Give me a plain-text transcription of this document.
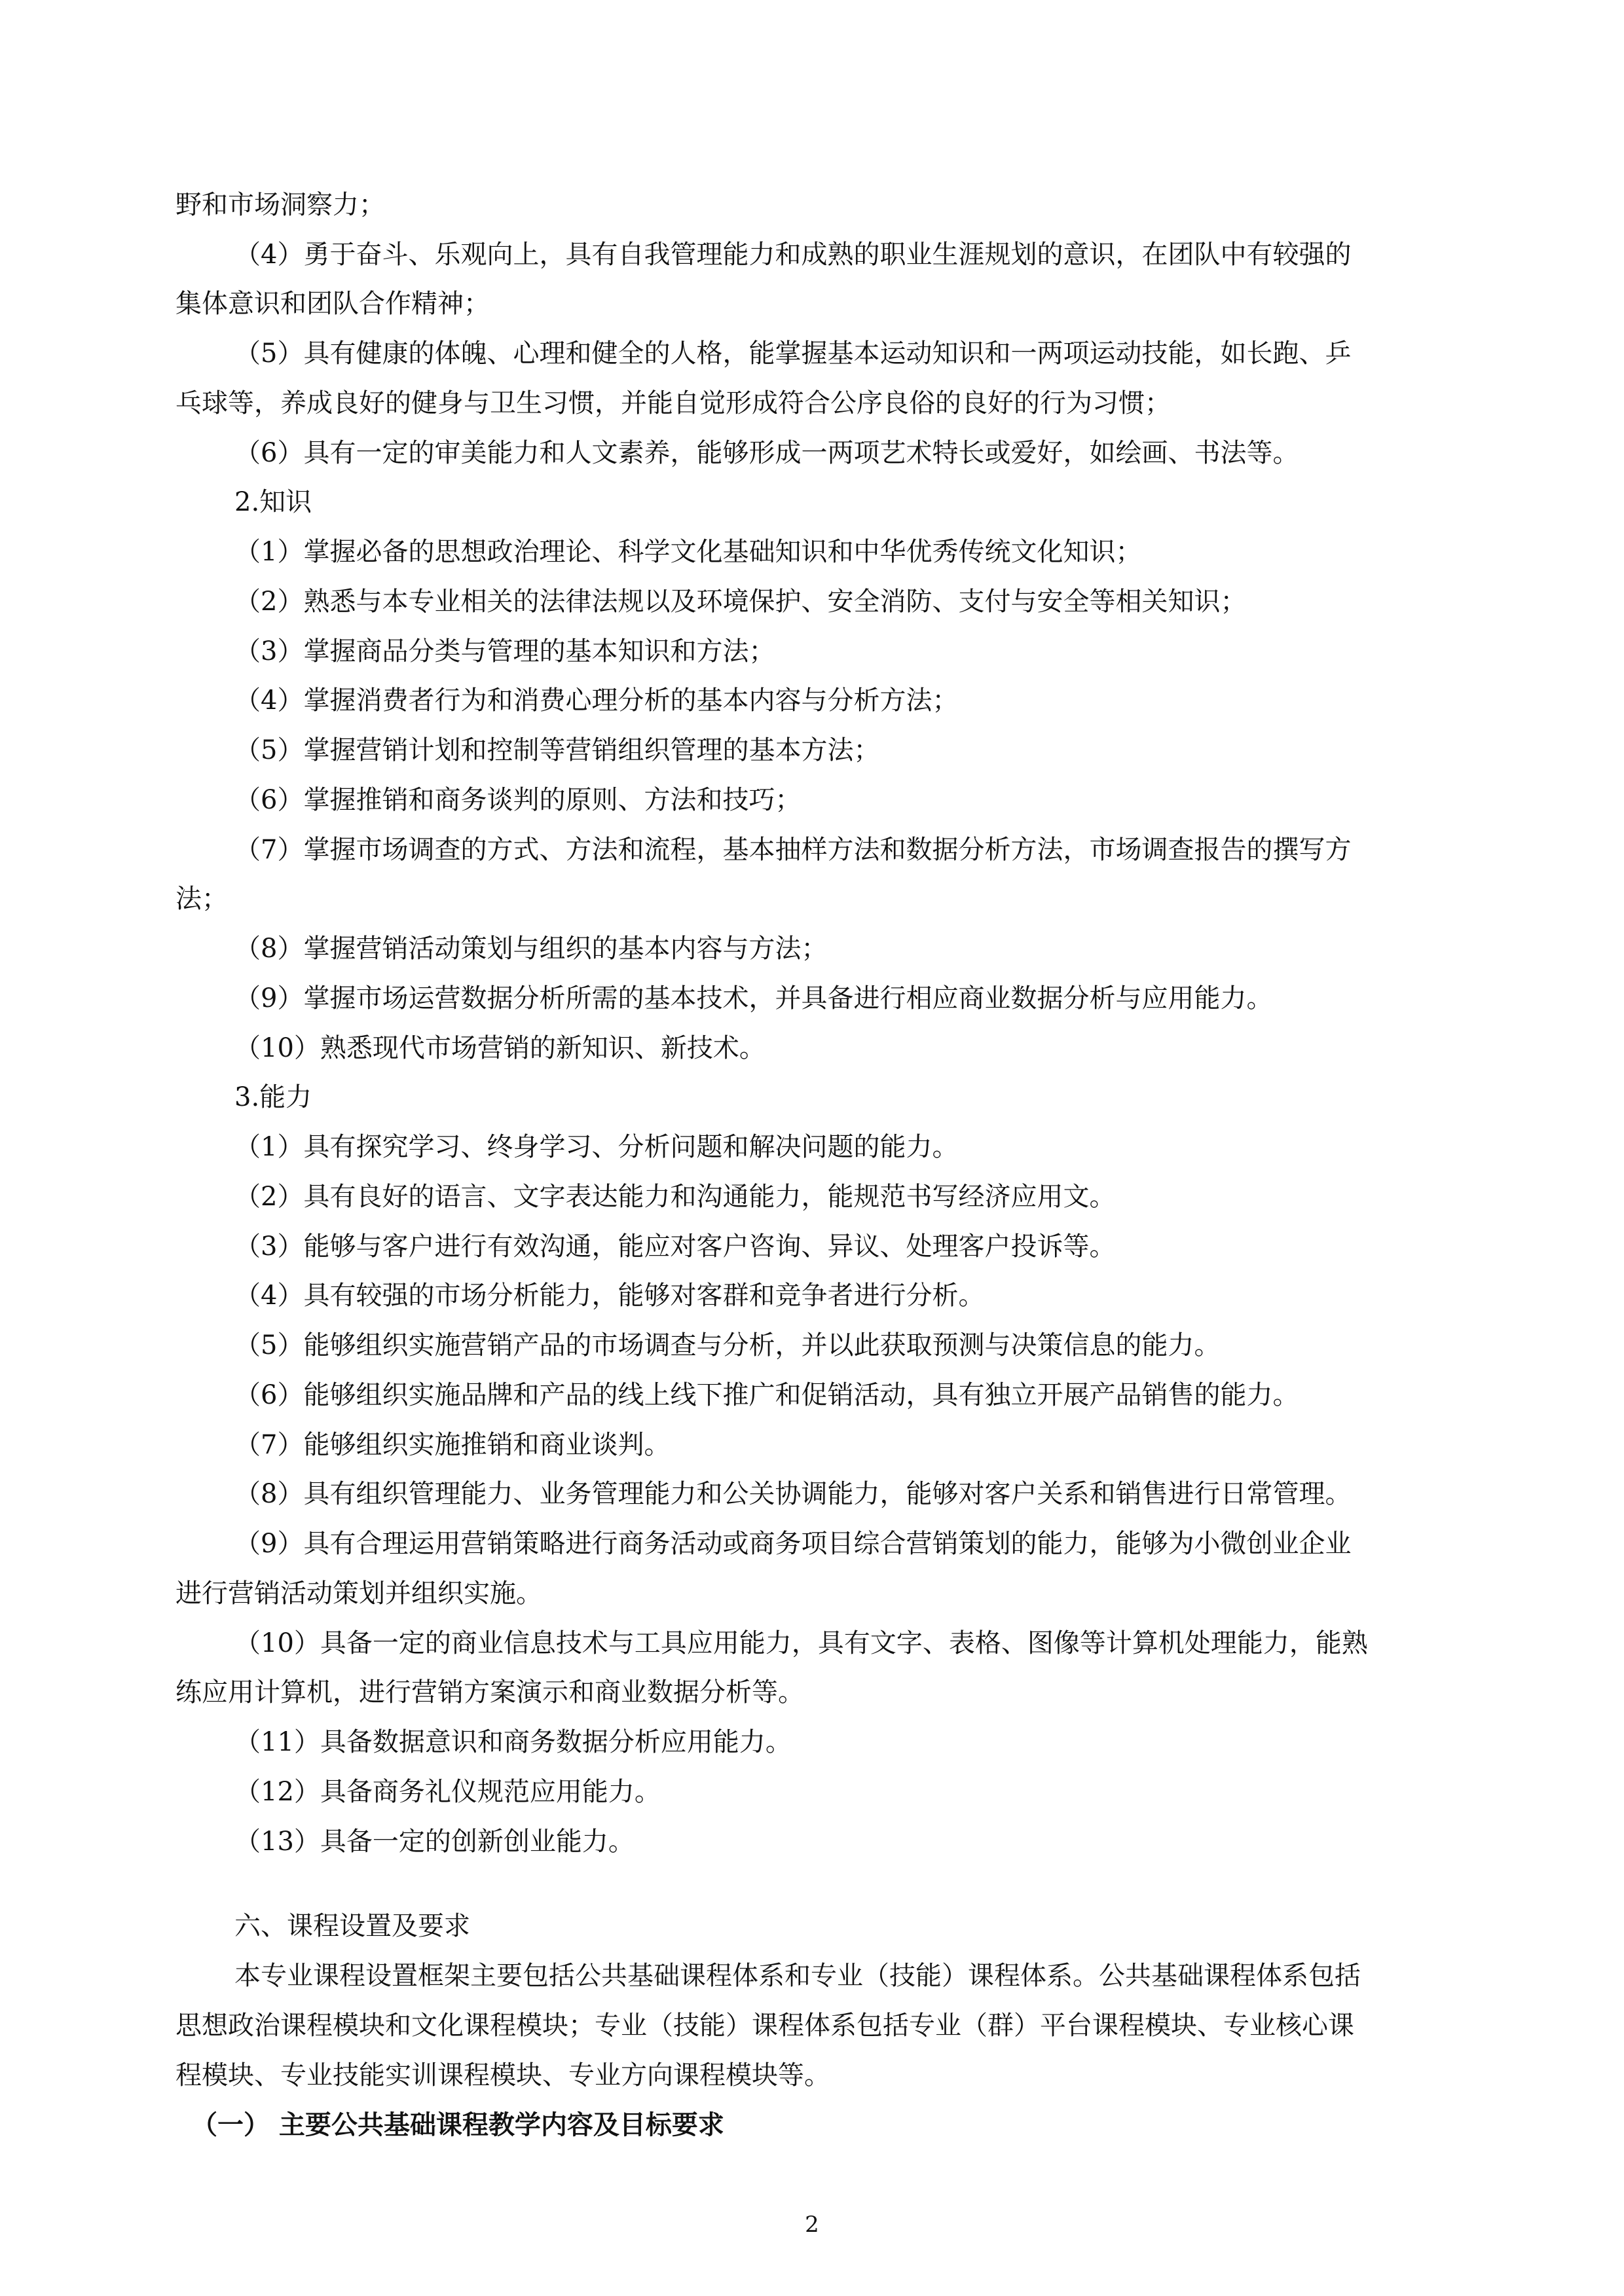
野和市场洞察力；
（4）勇于奋斗、乐观向上，具有自我管理能力和成熟的职业生涯规划的意识，在团队中有较强的
集体意识和团队合作精神；
（5）具有健康的体魄、心理和健全的人格，能掌握基本运动知识和一两项运动技能，如长跑、乒
乓球等，养成良好的健身与卫生习惯，并能自觉形成符合公序良俗的良好的行为习惯；
（6）具有一定的审美能力和人文素养，能够形成一两项艺术特长或爱好，如绘画、书法等。
2.知识
（1）掌握必备的思想政治理论、科学文化基础知识和中华优秀传统文化知识；
（2）熟悉与本专业相关的法律法规以及环境保护、安全消防、支付与安全等相关知识；
（3）掌握商品分类与管理的基本知识和方法；
（4）掌握消费者行为和消费心理分析的基本内容与分析方法；
（5）掌握营销计划和控制等营销组织管理的基本方法；
（6）掌握推销和商务谈判的原则、方法和技巧；
（7）掌握市场调查的方式、方法和流程，基本抽样方法和数据分析方法，市场调查报告的撰写方
法；
（8）掌握营销活动策划与组织的基本内容与方法；
（9）掌握市场运营数据分析所需的基本技术，并具备进行相应商业数据分析与应用能力。
（10）熟悉现代市场营销的新知识、新技术。
3.能力
（1）具有探究学习、终身学习、分析问题和解决问题的能力。
（2）具有良好的语言、文字表达能力和沟通能力，能规范书写经济应用文。
（3）能够与客户进行有效沟通，能应对客户咨询、异议、处理客户投诉等。
（4）具有较强的市场分析能力，能够对客群和竞争者进行分析。
（5）能够组织实施营销产品的市场调查与分析，并以此获取预测与决策信息的能力。
（6）能够组织实施品牌和产品的线上线下推广和促销活动，具有独立开展产品销售的能力。
（7）能够组织实施推销和商业谈判。
（8）具有组织管理能力、业务管理能力和公关协调能力，能够对客户关系和销售进行日常管理。
（9）具有合理运用营销策略进行商务活动或商务项目综合营销策划的能力，能够为小微创业企业
进行营销活动策划并组织实施。
（10）具备一定的商业信息技术与工具应用能力，具有文字、表格、图像等计算机处理能力，能熟
练应用计算机，进行营销方案演示和商业数据分析等。
（11）具备数据意识和商务数据分析应用能力。
（12）具备商务礼仪规范应用能力。
（13）具备一定的创新创业能力。
六、课程设置及要求
本专业课程设置框架主要包括公共基础课程体系和专业（技能）课程体系。公共基础课程体系包括
思想政治课程模块和文化课程模块；专业（技能）课程体系包括专业（群）平台课程模块、专业核心课
程模块、专业技能实训课程模块、专业方向课程模块等。
（一） 主要公共基础课程教学内容及目标要求
2
